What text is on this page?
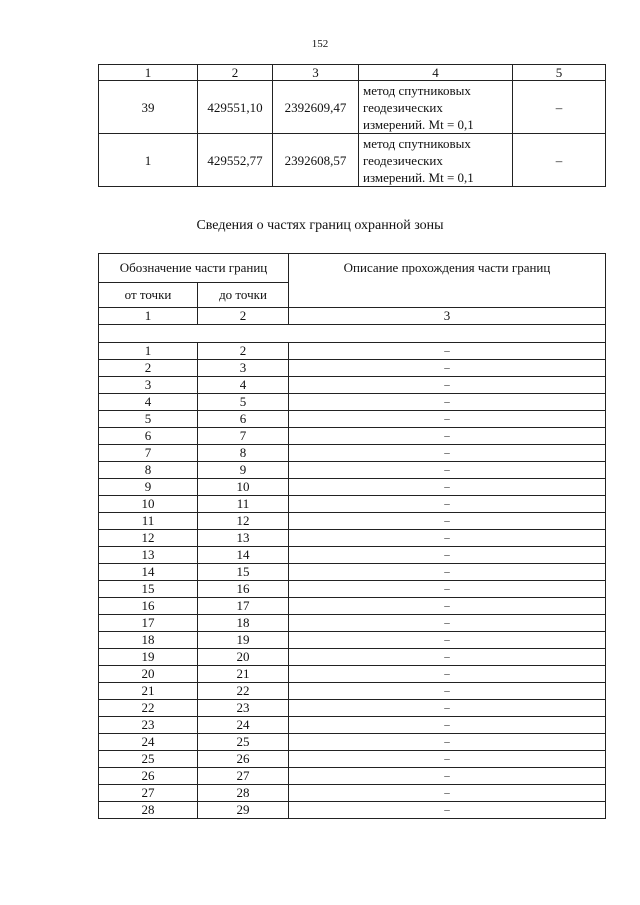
152
1	2	3	4	5
39	429551,10	2392609,47	метод спутниковых
геодезических
измерений. Mt = 0,1	–
1	429552,77	2392608,57	метод спутниковых
геодезических
измерений. Mt = 0,1	–
Сведения о частях границ охранной зоны
Обозначение части границ		Описание прохождения части границ
от точки	до точки	
1	2	3

1	2	–
2	3	–
3	4	–
4	5	–
5	6	–
6	7	–
7	8	–
8	9	–
9	10	–
10	11	–
11	12	–
12	13	–
13	14	–
14	15	–
15	16	–
16	17	–
17	18	–
18	19	–
19	20	–
20	21	–
21	22	–
22	23	–
23	24	–
24	25	–
25	26	–
26	27	–
27	28	–
28	29	–
